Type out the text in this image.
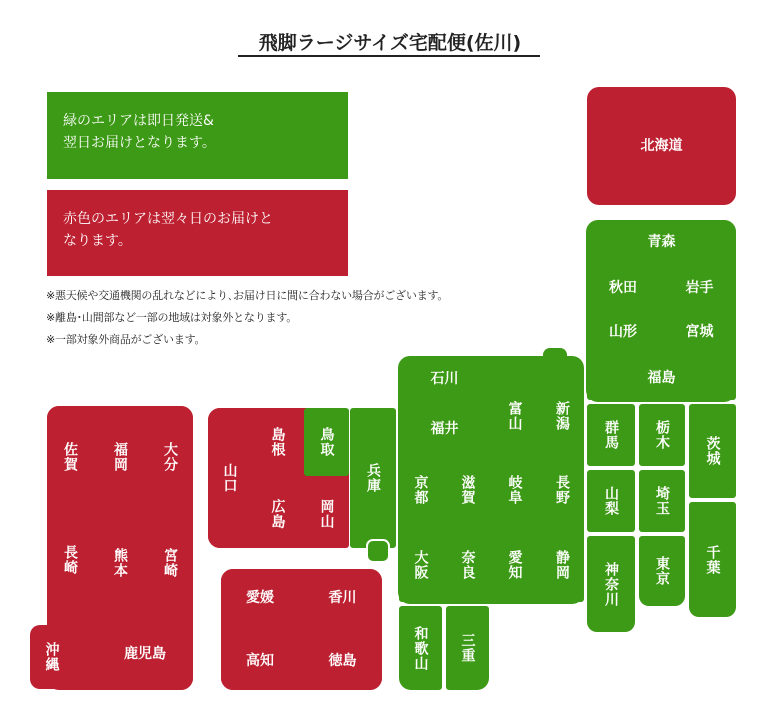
飛脚ラージサイズ宅配便(佐川)
緑のエリアは即日発送&
翌日お届けとなります。
赤色のエリアは翌々日のお届けと
なります。
※悪天候や交通機関の乱れなどにより､お届け日に間に合わない場合がございます。
※離島･山間部など一部の地域は対象外となります。
※一部対象外商品がございます。
北海道
青森
秋田	岩手
山形	宮城
福島
群馬	栃木
茨城
山梨	埼玉
千葉
神奈川	東京
石川
福井	富山	新潟
京都	滋賀	岐阜	長野
大阪	奈良	愛知	静岡
和歌山	三重
兵庫
山口
島根	鳥取
広島	岡山
愛媛	香川
高知	徳島
佐賀	福岡	大分
長崎	熊本	宮崎
鹿児島
沖縄
